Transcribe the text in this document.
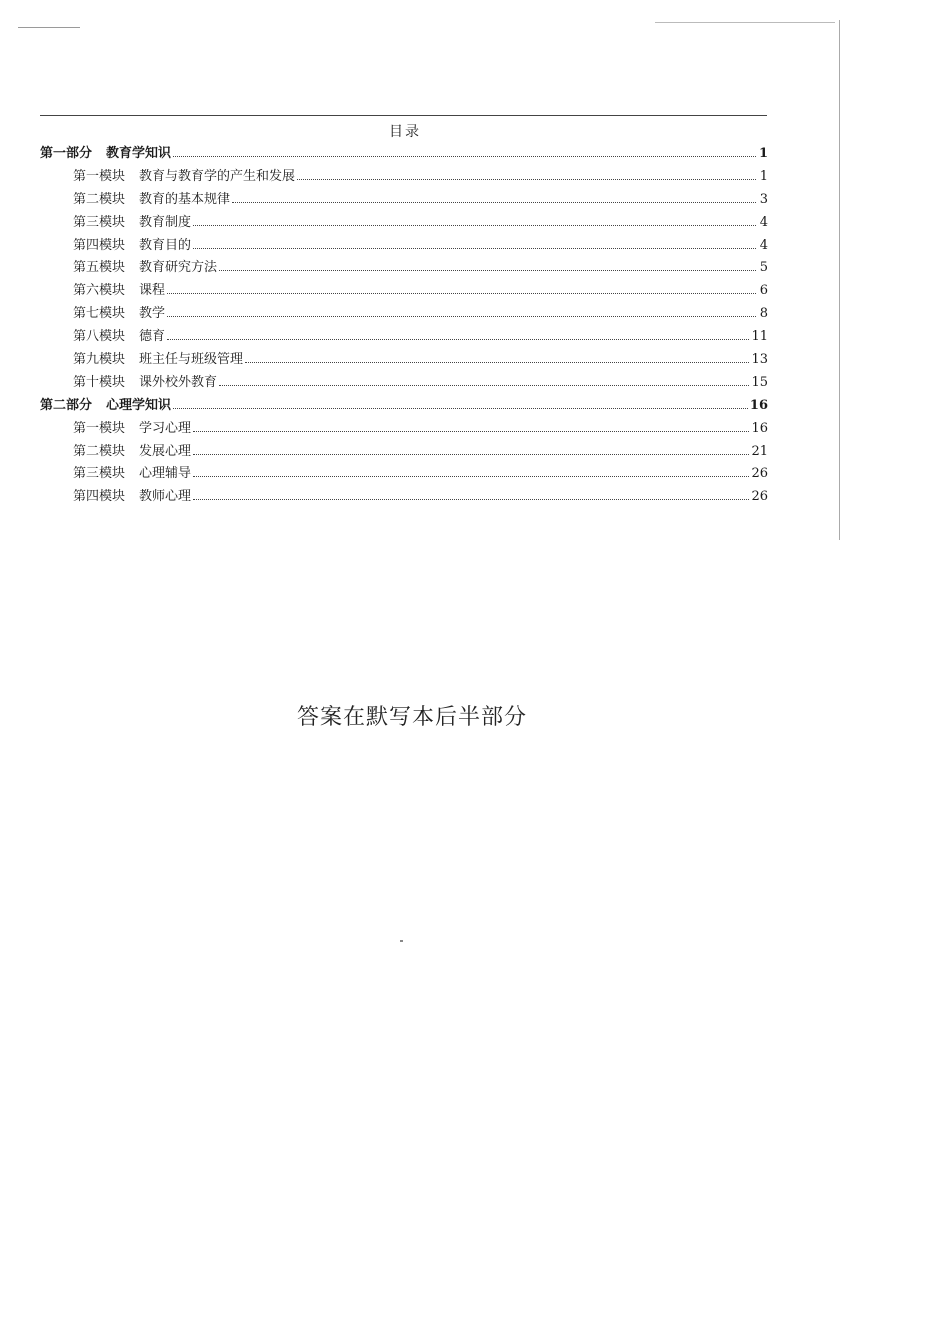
目录
第一部分 教育学知识	1
第一模块 教育与教育学的产生和发展	1
第二模块 教育的基本规律	3
第三模块 教育制度	4
第四模块 教育目的	4
第五模块 教育研究方法	5
第六模块 课程	6
第七模块 教学	8
第八模块 德育	11
第九模块 班主任与班级管理	13
第十模块 课外校外教育	15
第二部分 心理学知识	16
第一模块 学习心理	16
第二模块 发展心理	21
第三模块 心理辅导	26
第四模块 教师心理	26
答案在默写本后半部分
